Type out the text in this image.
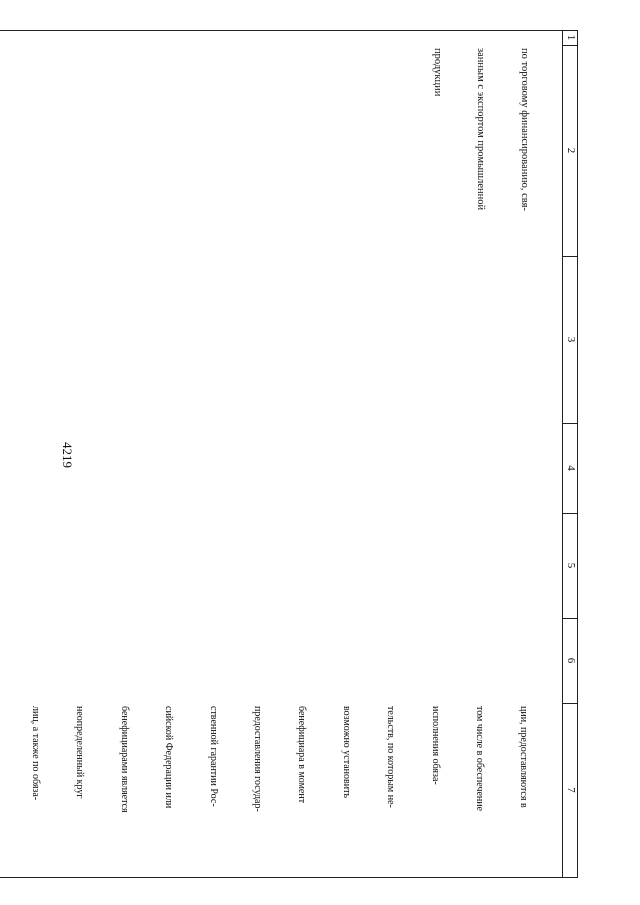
4219
1
2
3
4
5
6
7

по торговому финансированию, свя-

занным с экспортом промышленной

продукции

ции, предоставляются в

том числе в обеспечение

исполнения обяза-

тельств, по которым не-

возможно установить

бенефициара в момент

предоставления государ-

ственной гарантии Рос-

сийской Федерации или

бенефициарами является

неопределенный круг

лиц, а также по обяза-
